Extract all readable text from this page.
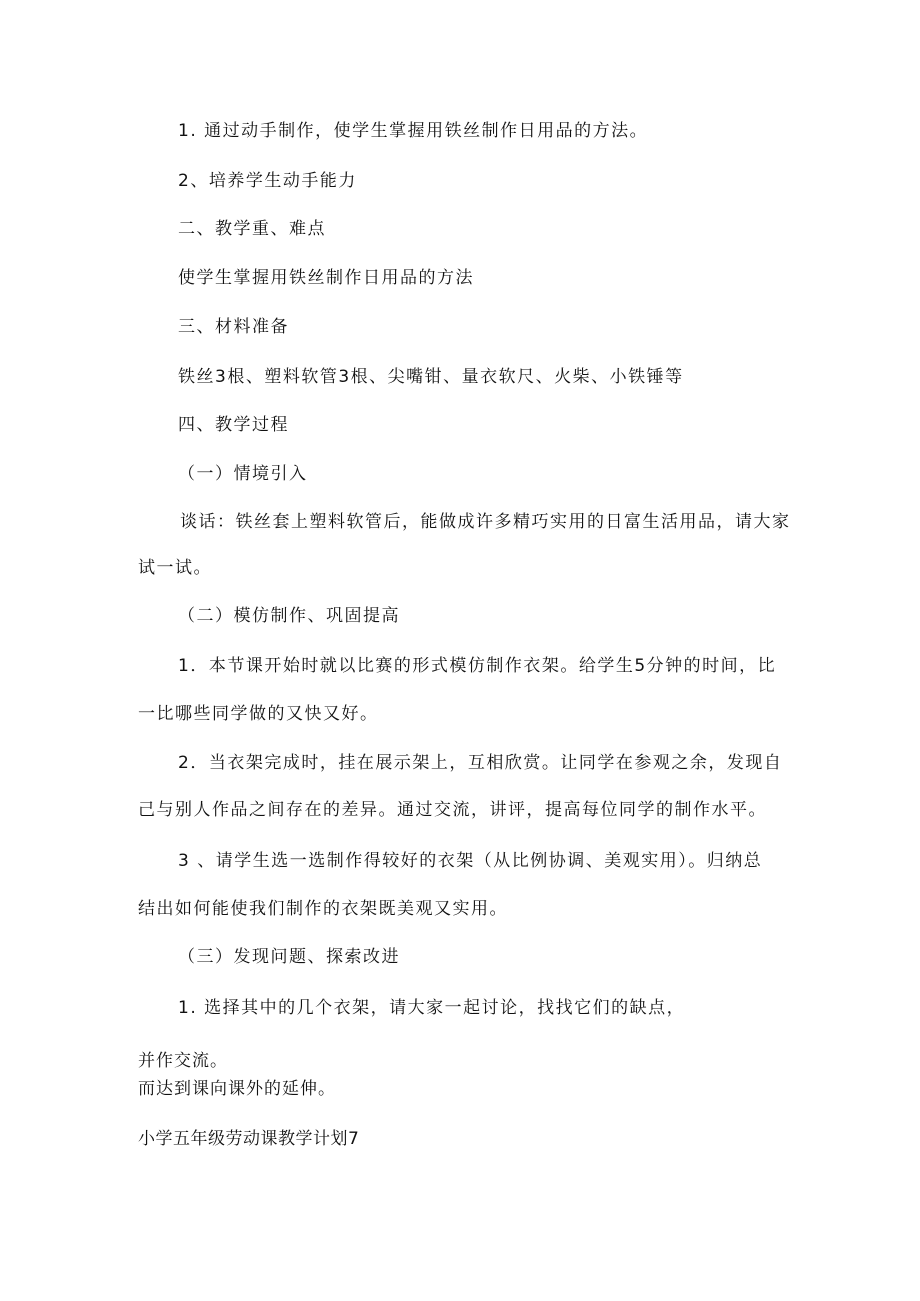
1. 通过动手制作，使学生掌握用铁丝制作日用品的方法。
2、培养学生动手能力
二、教学重、难点
使学生掌握用铁丝制作日用品的方法
三、材料准备
铁丝3根、塑料软管3根、尖嘴钳、量衣软尺、火柴、小铁锤等
四、教学过程
（一）情境引入
谈话：铁丝套上塑料软管后，能做成许多精巧实用的日富生活用品，请大家
试一试。
（二）模仿制作、巩固提高
1．本节课开始时就以比赛的形式模仿制作衣架。给学生5分钟的时间，比
一比哪些同学做的又快又好。
2．当衣架完成时，挂在展示架上，互相欣赏。让同学在参观之余，发现自
己与别人作品之间存在的差异。通过交流，讲评，提高每位同学的制作水平。
3 、请学生选一选制作得较好的衣架（从比例协调、美观实用）。归纳总
结出如何能使我们制作的衣架既美观又实用。
（三）发现问题、探索改进
1. 选择其中的几个衣架，请大家一起讨论，找找它们的缺点，
并作交流。
而达到课向课外的延伸。
小学五年级劳动课教学计划7
